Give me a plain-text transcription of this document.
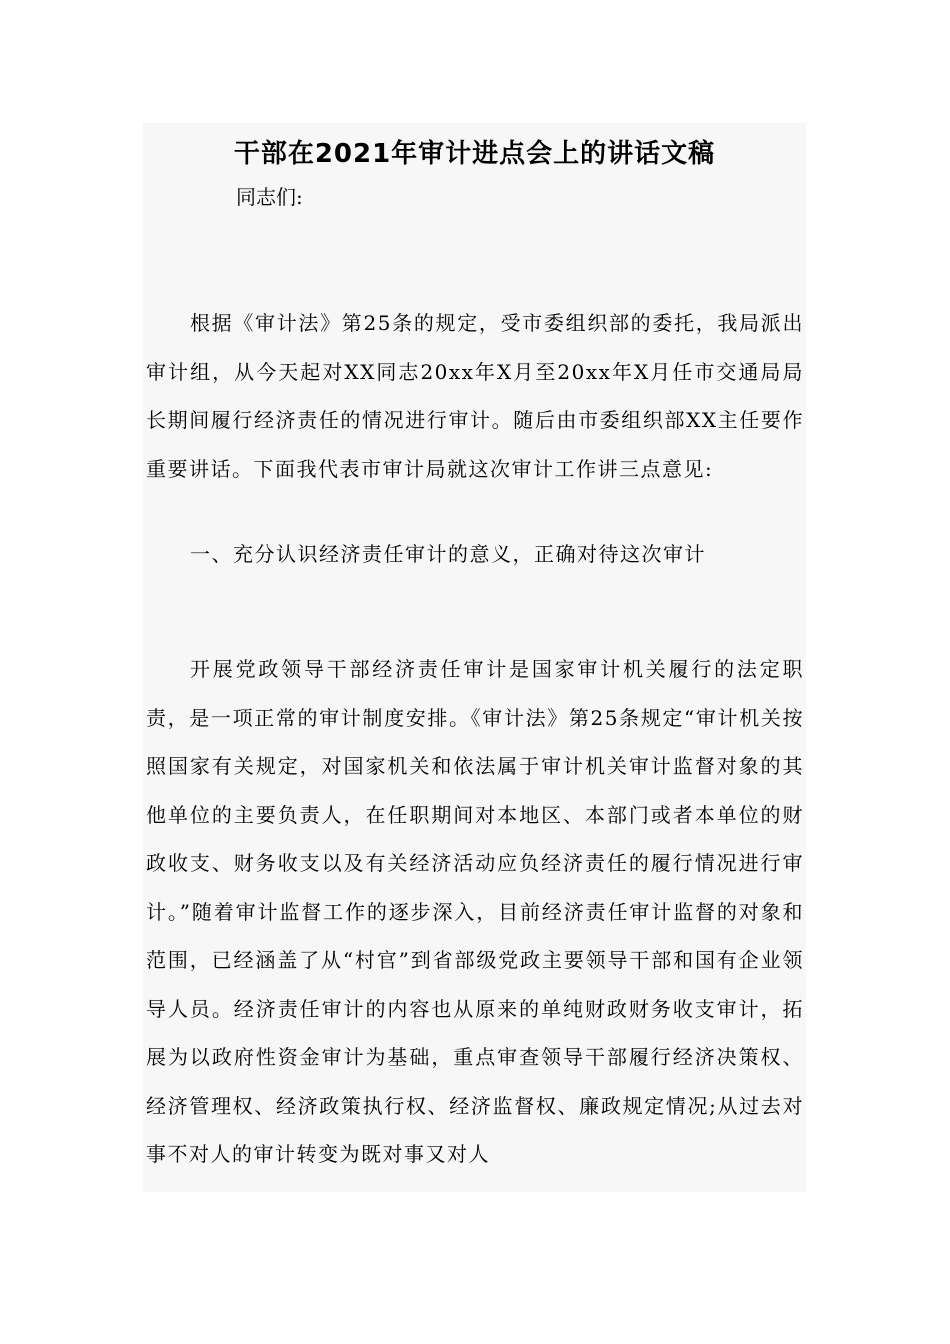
干部在2021年审计进点会上的讲话文稿
同志们:

根据《审计法》第25条的规定，受市委组织部的委托，我局派出审计组，从今天起对XX同志20xx年X月至20xx年X月任市交通局局长期间履行经济责任的情况进行审计。随后由市委组织部XX主任要作重要讲话。下面我代表市审计局就这次审计工作讲三点意见:

一、充分认识经济责任审计的意义，正确对待这次审计

开展党政领导干部经济责任审计是国家审计机关履行的法定职责，是一项正常的审计制度安排。《审计法》第25条规定“审计机关按照国家有关规定，对国家机关和依法属于审计机关审计监督对象的其他单位的主要负责人，在任职期间对本地区、本部门或者本单位的财政收支、财务收支以及有关经济活动应负经济责任的履行情况进行审计。”随着审计监督工作的逐步深入，目前经济责任审计监督的对象和范围，已经涵盖了从“村官”到省部级党政主要领导干部和国有企业领导人员。经济责任审计的内容也从原来的单纯财政财务收支审计，拓展为以政府性资金审计为基础，重点审查领导干部履行经济决策权、经济管理权、经济政策执行权、经济监督权、廉政规定情况;从过去对事不对人的审计转变为既对事又对人
